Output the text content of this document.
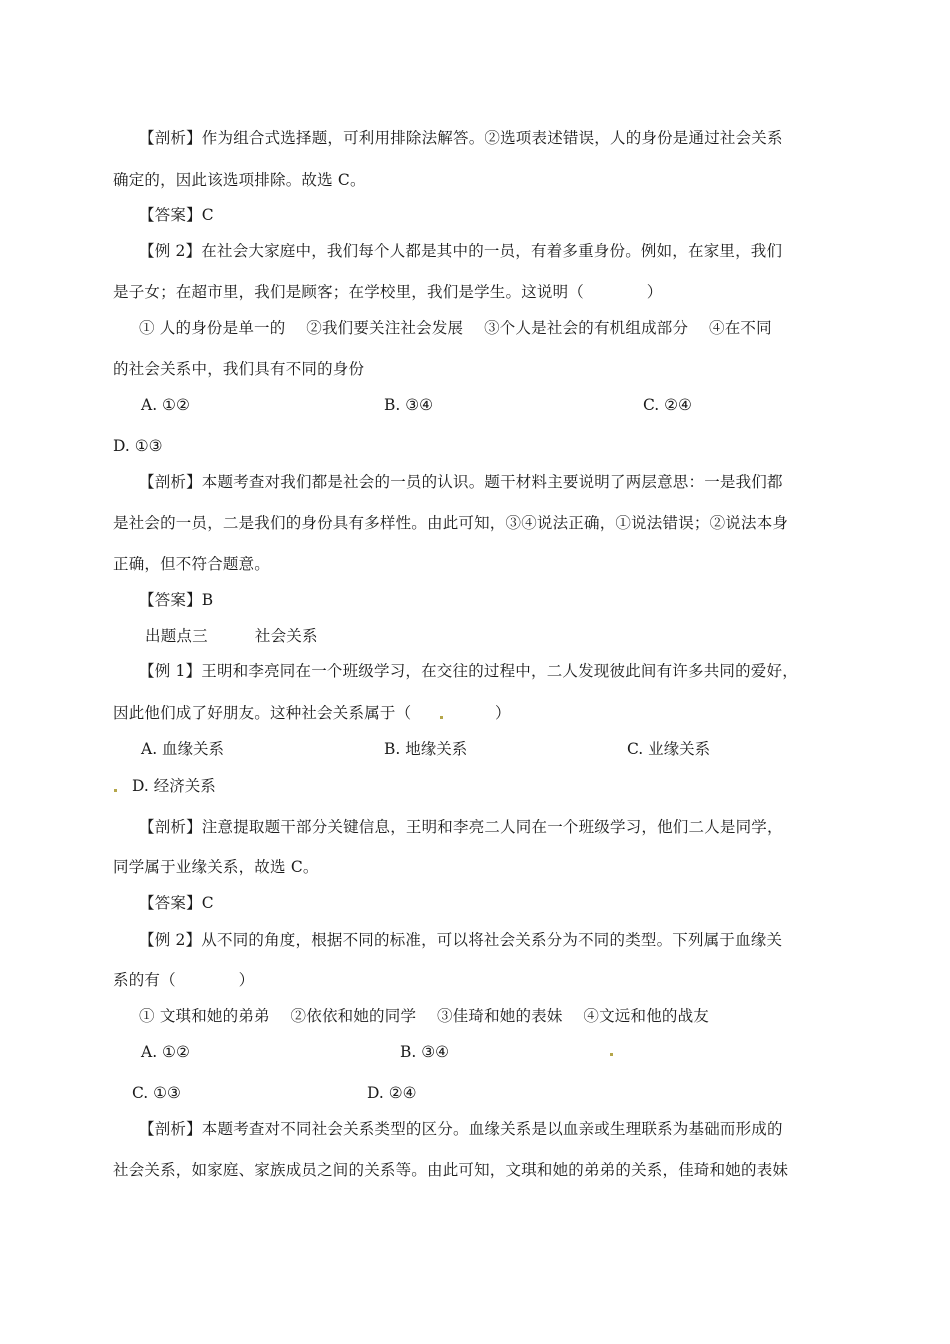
【剖析】作为组合式选择题，可利用排除法解答。②选项表述错误，人的身份是通过社会关系
确定的，因此该选项排除。故选 C。
【答案】C
【例 2】在社会大家庭中，我们每个人都是其中的一员，有着多重身份。例如，在家里，我们
是子女；在超市里，我们是顾客；在学校里，我们是学生。这说明（　　　　）
① 人的身份是单一的　 ②我们要关注社会发展　 ③个人是社会的有机组成部分　 ④在不同
的社会关系中，我们具有不同的身份
A. ①②	B. ③④	C. ②④
D. ①③
【剖析】本题考查对我们都是社会的一员的认识。题干材料主要说明了两层意思：一是我们都
是社会的一员，二是我们的身份具有多样性。由此可知，③④说法正确，①说法错误；②说法本身
正确，但不符合题意。
【答案】B
出题点三　　　社会关系
【例 1】王明和李亮同在一个班级学习，在交往的过程中，二人发现彼此间有许多共同的爱好，
因此他们成了好朋友。这种社会关系属于（	）
A. 血缘关系	B. 地缘关系	C. 业缘关系
D. 经济关系
【剖析】注意提取题干部分关键信息，王明和李亮二人同在一个班级学习，他们二人是同学，
同学属于业缘关系，故选 C。
【答案】C
【例 2】从不同的角度，根据不同的标准，可以将社会关系分为不同的类型。下列属于血缘关
系的有（　　　　）
① 文琪和她的弟弟　 ②依依和她的同学　 ③佳琦和她的表妹　 ④文远和他的战友
A. ①②	B. ③④
C. ①③	D. ②④
【剖析】本题考查对不同社会关系类型的区分。血缘关系是以血亲或生理联系为基础而形成的
社会关系，如家庭、家族成员之间的关系等。由此可知，文琪和她的弟弟的关系，佳琦和她的表妹
